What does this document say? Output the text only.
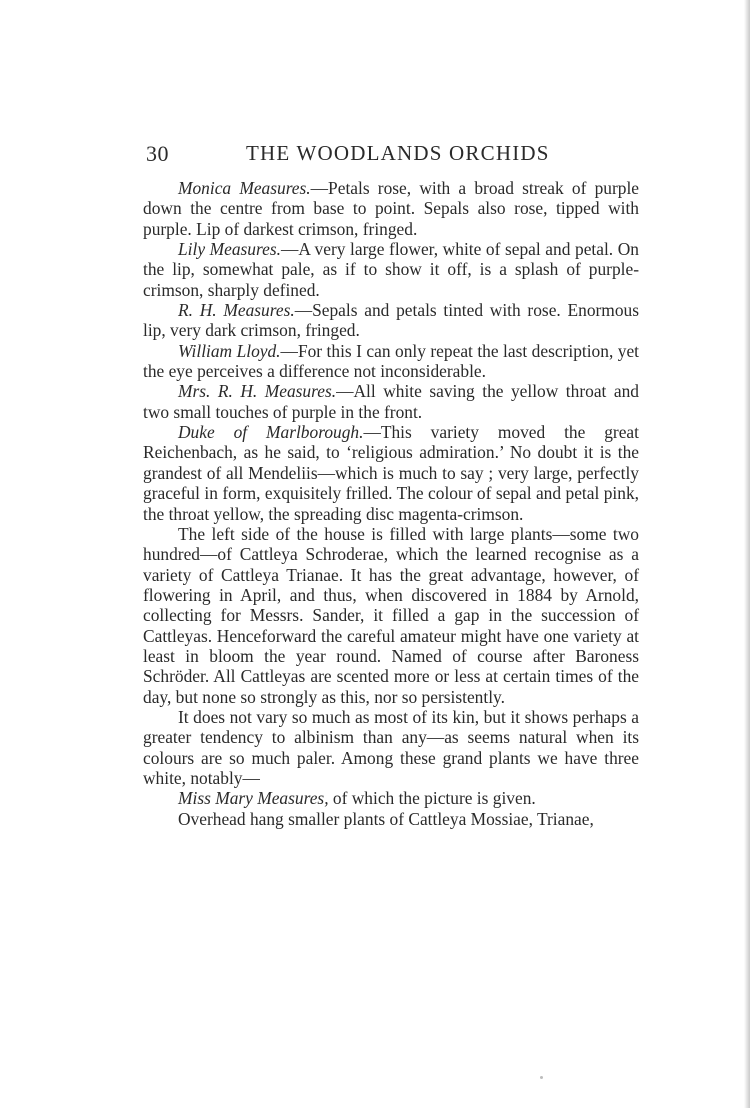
30	THE WOODLANDS ORCHIDS

Monica Measures.—Petals rose, with a broad streak of purple down the centre from base to point. Sepals also rose, tipped with purple. Lip of darkest crimson, fringed.

Lily Measures.—A very large flower, white of sepal and petal. On the lip, somewhat pale, as if to show it off, is a splash of purple-crimson, sharply defined.

R. H. Measures.—Sepals and petals tinted with rose. Enormous lip, very dark crimson, fringed.

William Lloyd.—For this I can only repeat the last description, yet the eye perceives a difference not inconsiderable.

Mrs. R. H. Measures.—All white saving the yellow throat and two small touches of purple in the front.

Duke of Marlborough.—This variety moved the great Reichenbach, as he said, to ‘religious admiration.’ No doubt it is the grandest of all Mendeliis—which is much to say ; very large, perfectly graceful in form, exquisitely frilled. The colour of sepal and petal pink, the throat yellow, the spreading disc magenta-crimson.

The left side of the house is filled with large plants—some two hundred—of Cattleya Schroderae, which the learned recognise as a variety of Cattleya Trianae. It has the great advantage, however, of flowering in April, and thus, when discovered in 1884 by Arnold, collecting for Messrs. Sander, it filled a gap in the succession of Cattleyas. Henceforward the careful amateur might have one variety at least in bloom the year round. Named of course after Baroness Schröder. All Cattleyas are scented more or less at certain times of the day, but none so strongly as this, nor so persistently.

It does not vary so much as most of its kin, but it shows perhaps a greater tendency to albinism than any—as seems natural when its colours are so much paler. Among these grand plants we have three white, notably—

Miss Mary Measures, of which the picture is given.

Overhead hang smaller plants of Cattleya Mossiae, Trianae,
